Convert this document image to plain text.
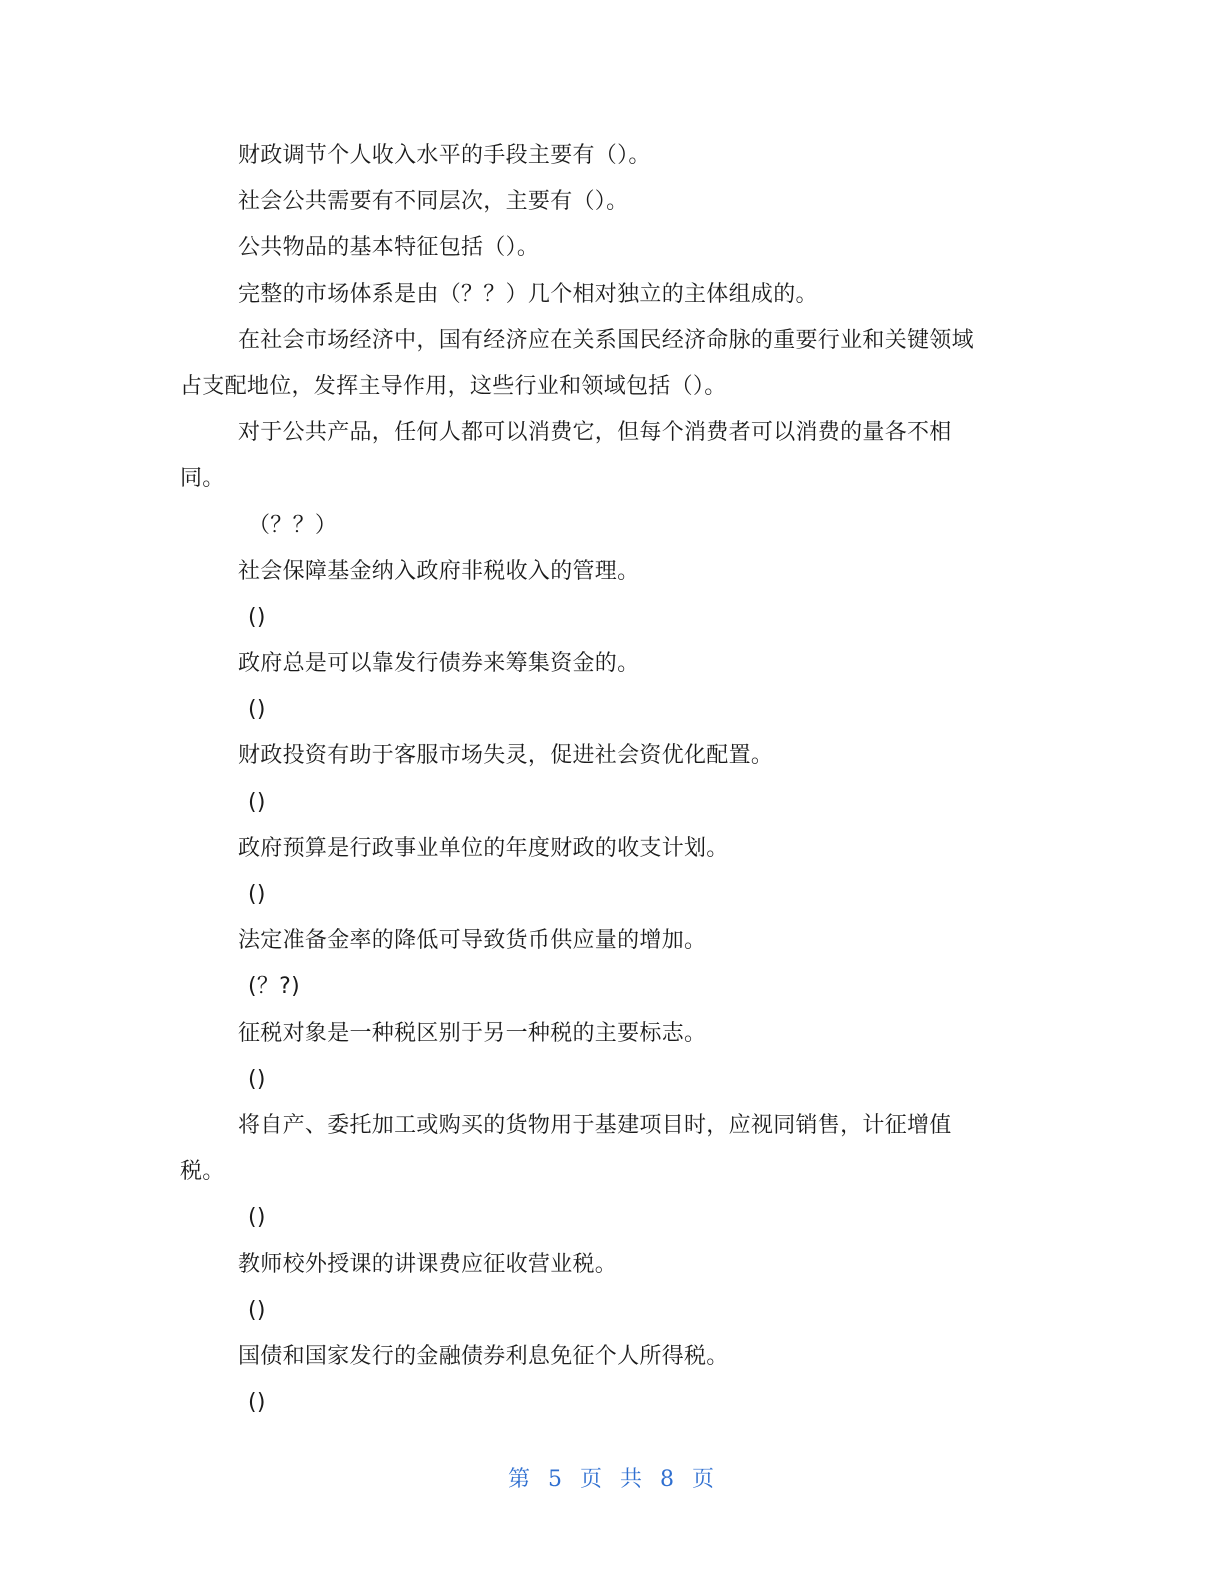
财政调节个人收入水平的手段主要有（）。
社会公共需要有不同层次，主要有（）。
公共物品的基本特征包括（）。
完整的市场体系是由（？？）几个相对独立的主体组成的。
在社会市场经济中，国有经济应在关系国民经济命脉的重要行业和关键领域
占支配地位，发挥主导作用，这些行业和领域包括（）。
对于公共产品，任何人都可以消费它，但每个消费者可以消费的量各不相
同。
（？？）
社会保障基金纳入政府非税收入的管理。
()
政府总是可以靠发行债券来筹集资金的。
()
财政投资有助于客服市场失灵，促进社会资优化配置。
()
政府预算是行政事业单位的年度财政的收支计划。
()
法定准备金率的降低可导致货币供应量的增加。
(？?)
征税对象是一种税区别于另一种税的主要标志。
()
将自产、委托加工或购买的货物用于基建项目时，应视同销售，计征增值
税。
()
教师校外授课的讲课费应征收营业税。
()
国债和国家发行的金融债券利息免征个人所得税。
()
第 5 页 共 8 页
